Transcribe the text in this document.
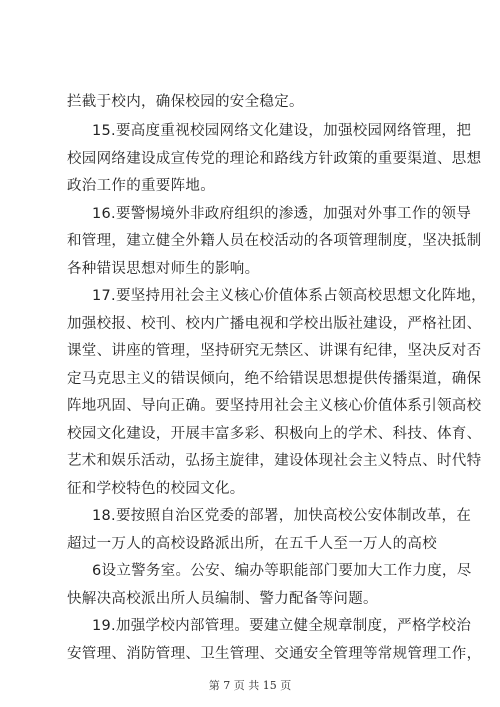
拦截于校内，确保校园的安全稳定。
15.要高度重视校园网络文化建设，加强校园网络管理，把
校园网络建设成宣传党的理论和路线方针政策的重要渠道、思想
政治工作的重要阵地。
16.要警惕境外非政府组织的渗透，加强对外事工作的领导
和管理，建立健全外籍人员在校活动的各项管理制度，坚决抵制
各种错误思想对师生的影响。
17.要坚持用社会主义核心价值体系占领高校思想文化阵地，
加强校报、校刊、校内广播电视和学校出版社建设，严格社团、
课堂、讲座的管理，坚持研究无禁区、讲课有纪律，坚决反对否
定马克思主义的错误倾向，绝不给错误思想提供传播渠道，确保
阵地巩固、导向正确。要坚持用社会主义核心价值体系引领高校
校园文化建设，开展丰富多彩、积极向上的学术、科技、体育、
艺术和娱乐活动，弘扬主旋律，建设体现社会主义特点、时代特
征和学校特色的校园文化。
18.要按照自治区党委的部署，加快高校公安体制改革，在
超过一万人的高校设路派出所，在五千人至一万人的高校
6设立警务室。公安、编办等职能部门要加大工作力度，尽
快解决高校派出所人员编制、警力配备等问题。
19.加强学校内部管理。要建立健全规章制度，严格学校治
安管理、消防管理、卫生管理、交通安全管理等常规管理工作，
第 7 页 共 15 页
